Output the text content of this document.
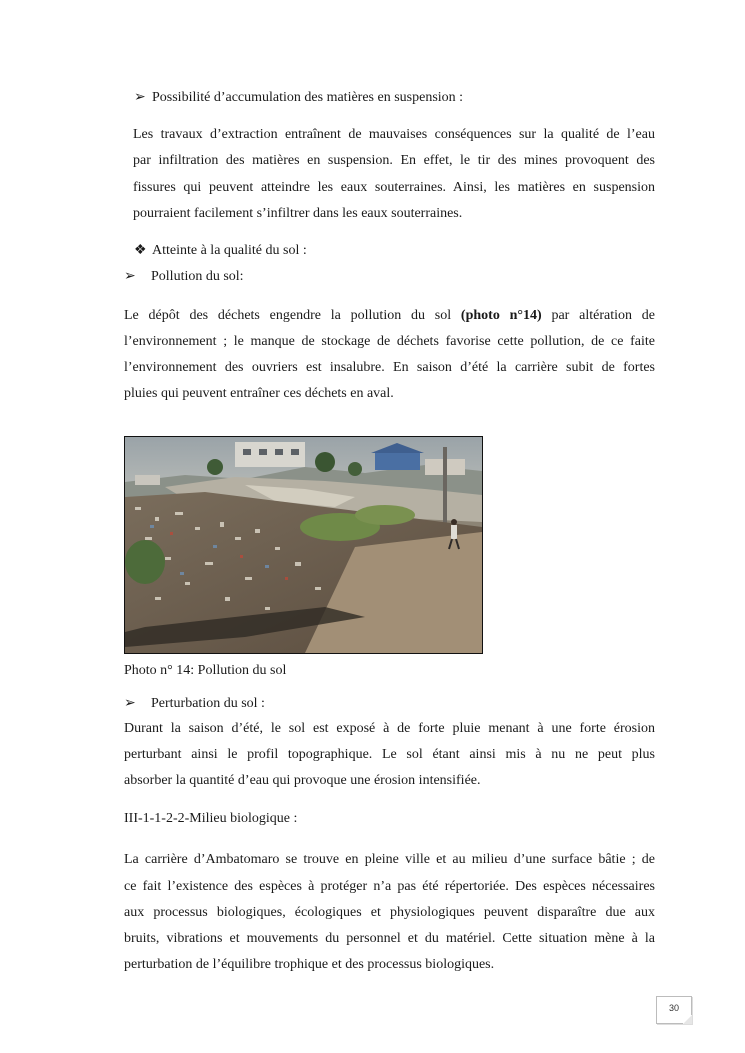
➢ Possibilité d’accumulation des matières en suspension :
Les travaux d’extraction entraînent de mauvaises conséquences sur la qualité de l’eau
par infiltration des matières en suspension. En effet, le tir des mines provoquent des
fissures qui peuvent atteindre les eaux souterraines. Ainsi, les matières en suspension
pourraient facilement s’infiltrer dans les eaux souterraines.
❖ Atteinte à la qualité du sol :
➢ Pollution du sol:
Le dépôt des déchets engendre la pollution du sol (photo n°14) par altération de
l’environnement ; le manque de stockage de déchets favorise cette pollution, de ce faite
l’environnement des ouvriers est insalubre. En saison d’été la carrière subit de fortes
pluies qui peuvent entraîner ces déchets en aval.
Photo n° 14: Pollution du sol
➢ Perturbation du sol :
Durant la saison d’été, le sol est exposé à de forte pluie menant à une forte érosion
perturbant ainsi le profil topographique. Le sol étant ainsi mis à nu ne peut plus
absorber la quantité d’eau qui provoque une érosion intensifiée.
III-1-1-2-2-Milieu biologique :
La carrière d’Ambatomaro se trouve en pleine ville et au milieu d’une surface bâtie ; de
ce fait l’existence des espèces à protéger n’a pas été répertoriée. Des espèces nécessaires
aux processus biologiques, écologiques et physiologiques peuvent disparaître due aux
bruits, vibrations et mouvements du personnel et du matériel. Cette situation mène à la
perturbation de l’équilibre trophique et des processus biologiques.
30
